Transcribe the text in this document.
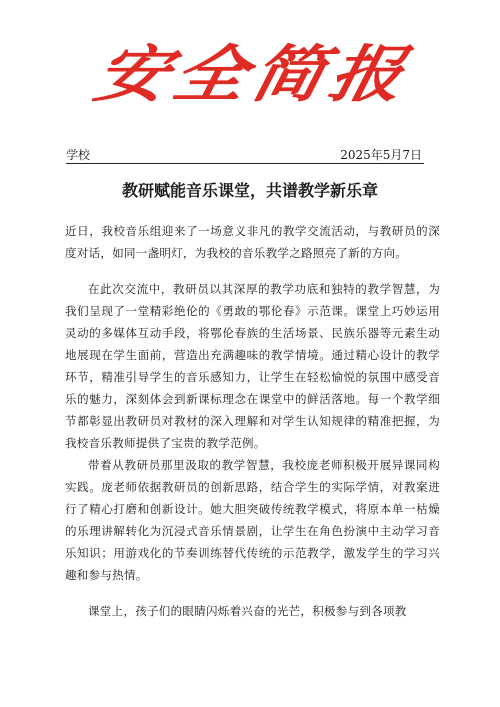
安全简报
学校	2025年5月7日
教研赋能音乐课堂，共谱教学新乐章

近日，我校音乐组迎来了一场意义非凡的教学交流活动，与教研员的深度对话，如同一盏明灯，为我校的音乐教学之路照亮了新的方向。

在此次交流中，教研员以其深厚的教学功底和独特的教学智慧，为我们呈现了一堂精彩绝伦的《勇敢的鄂伦春》示范课。课堂上巧妙运用灵动的多媒体互动手段，将鄂伦春族的生活场景、民族乐器等元素生动地展现在学生面前，营造出充满趣味的教学情境。通过精心设计的教学环节，精准引导学生的音乐感知力，让学生在轻松愉悦的氛围中感受音乐的魅力，深刻体会到新课标理念在课堂中的鲜活落地。每一个教学细节都彰显出教研员对教材的深入理解和对学生认知规律的精准把握，为我校音乐教师提供了宝贵的教学范例。

带着从教研员那里汲取的教学智慧，我校庞老师积极开展异课同构实践。庞老师依据教研员的创新思路，结合学生的实际学情，对教案进行了精心打磨和创新设计。她大胆突破传统教学模式，将原本单一枯燥的乐理讲解转化为沉浸式音乐情景剧，让学生在角色扮演中主动学习音乐知识；用游戏化的节奏训练替代传统的示范教学，激发学生的学习兴趣和参与热情。

课堂上，孩子们的眼睛闪烁着兴奋的光芒，积极参与到各项教
